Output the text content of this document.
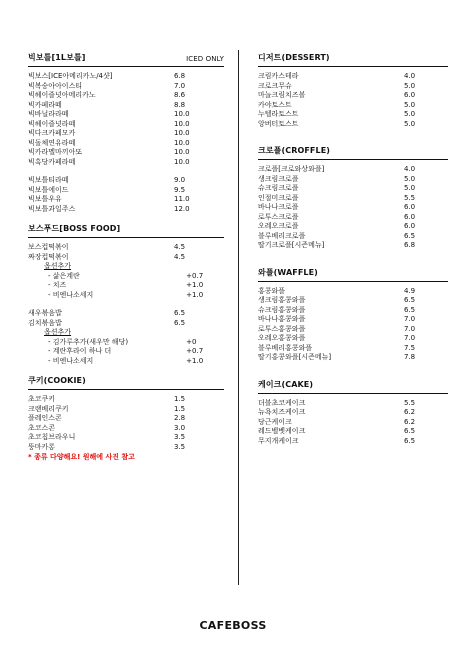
빅보틀[1L보틀]	ICED ONLY
빅보스[ICE아메리카노/4샷]	6.8
빅복숭아아이스티	7.0
빅헤이즐넛아메리카노	8.6
빅카페라떼	8.8
빅바닐라라떼	10.0
빅헤이즐넛라떼	10.0
빅다크카페모카	10.0
빅돌체연유라떼	10.0
빅카라멜마끼아또	10.0
빅흑당카페라떼	10.0
빅보틀티라떼	9.0
빅보틀에이드	9.5
빅보틀우유	11.0
빅보틀과일주스	12.0
보스푸드[BOSS FOOD]
보스컵떡볶이	4.5
짜장컵떡볶이	4.5
옵션추가
- 삶은계란	+0.7
- 치즈	+1.0
- 비엔나소세지	+1.0
새우볶음밥	6.5
김치볶음밥	6.5
옵션추가
- 김가루추가(새우만 해당)	+0
- 계란후라이 하나 더	+0.7
- 비엔나소세지	+1.0
쿠키(COOKIE)
초코쿠키	1.5
크랜베리쿠키	1.5
플레인스콘	2.8
초코스콘	3.0
초코칩브라우니	3.5
뚱마카롱	3.5
* 종류 다양해요! 원해에 사진 참고
디저트(DESSERT)
크림카스테라	4.0
크로크무슈	5.0
마늘크림치즈볼	6.0
카야토스트	5.0
누텔라토스트	5.0
앙버터토스트	5.0
크로플(CROFFLE)
크로플[크로와상와플]	4.0
생크림크로플	5.0
슈크림크로플	5.0
인절미크로플	5.5
바나나크로플	6.0
로투스크로플	6.0
오레오크로플	6.0
블루베리크로플	6.5
딸기크로플[시즌메뉴]	6.8
와플(WAFFLE)
홍콩와플	4.9
생크림홍콩와플	6.5
슈크림홍콩와플	6.5
바나나홍콩와플	7.0
로투스홍콩와플	7.0
오레오홍콩와플	7.0
블루베리홍콩와플	7.5
딸기홍콩와플[시즌메뉴]	7.8
케이크(CAKE)
더블초코케이크	5.5
뉴욕치즈케이크	6.2
당근케이크	6.2
레드벨벳케이크	6.5
무지개케이크	6.5
CAFEBOSS
